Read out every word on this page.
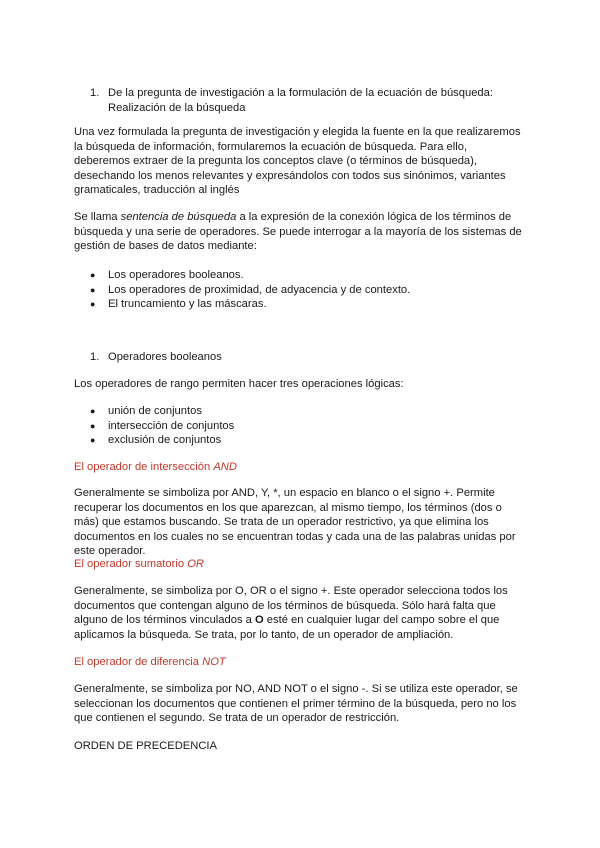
1. De la pregunta de investigación a la formulación de la ecuación de búsqueda:
Realización de la búsqueda

Una vez formulada la pregunta de investigación y elegida la fuente en la que realizaremos la búsqueda de información, formularemos la ecuación de búsqueda. Para ello, deberemos extraer de la pregunta los conceptos clave (o términos de búsqueda), desechando los menos relevantes y expresándolos con todos sus sinónimos, variantes gramaticales, traducción al inglés

Se llama sentencia de búsqueda a la expresión de la conexión lógica de los términos de búsqueda y una serie de operadores. Se puede interrogar a la mayoría de los sistemas de gestión de bases de datos mediante:

●	Los operadores booleanos.
●	Los operadores de proximidad, de adyacencia y de contexto.
●	El truncamiento y las máscaras.
1. Operadores booleanos

Los operadores de rango permiten hacer tres operaciones lógicas:

●	unión de conjuntos
●	intersección de conjuntos
●	exclusión de conjuntos

El operador de intersección AND

Generalmente se simboliza por AND, Y, *, un espacio en blanco o el signo +. Permite recuperar los documentos en los que aparezcan, al mismo tiempo, los términos (dos o más) que estamos buscando. Se trata de un operador restrictivo, ya que elimina los documentos en los cuales no se encuentran todas y cada una de las palabras unidas por este operador.

El operador sumatorio OR

Generalmente, se simboliza por O, OR o el signo +. Este operador selecciona todos los documentos que contengan alguno de los términos de búsqueda. Sólo hará falta que alguno de los términos vinculados a O esté en cualquier lugar del campo sobre el que aplicamos la búsqueda. Se trata, por lo tanto, de un operador de ampliación.

El operador de diferencia NOT

Generalmente, se simboliza por NO, AND NOT o el signo -. Si se utiliza este operador, se seleccionan los documentos que contienen el primer término de la búsqueda, pero no los que contienen el segundo. Se trata de un operador de restricción.

ORDEN DE PRECEDENCIA
